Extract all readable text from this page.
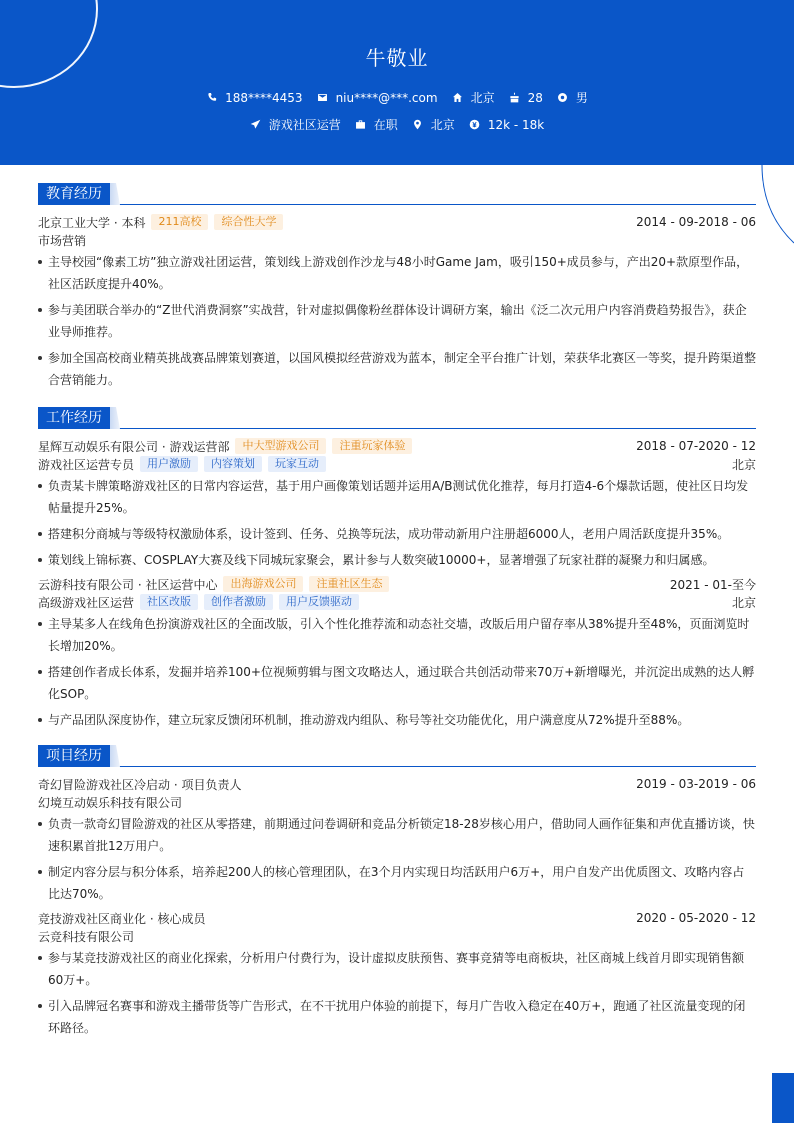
牛敬业
188****4453	niu****@***.com	北京	28	男
游戏社区运营	在职	北京	12k - 18k
教育经历
北京工业大学 · 本科	211高校	综合性大学	2014 - 09-2018 - 06
市场营销
主导校园“像素工坊”独立游戏社团运营，策划线上游戏创作沙龙与48小时Game Jam，吸引150+成员参与，产出20+款原型作品，社区活跃度提升40%。
参与美团联合举办的“Z世代消费洞察”实战营，针对虚拟偶像粉丝群体设计调研方案，输出《泛二次元用户内容消费趋势报告》，获企业导师推荐。
参加全国高校商业精英挑战赛品牌策划赛道，以国风模拟经营游戏为蓝本，制定全平台推广计划，荣获华北赛区一等奖，提升跨渠道整合营销能力。
工作经历
星辉互动娱乐有限公司 · 游戏运营部	中大型游戏公司	注重玩家体验	2018 - 07-2020 - 12
游戏社区运营专员	用户激励	内容策划	玩家互动	北京
负责某卡牌策略游戏社区的日常内容运营，基于用户画像策划话题并运用A/B测试优化推荐，每月打造4-6个爆款话题，使社区日均发帖量提升25%。
搭建积分商城与等级特权激励体系，设计签到、任务、兑换等玩法，成功带动新用户注册超6000人，老用户周活跃度提升35%。
策划线上锦标赛、COSPLAY大赛及线下同城玩家聚会，累计参与人数突破10000+，显著增强了玩家社群的凝聚力和归属感。
云游科技有限公司 · 社区运营中心	出海游戏公司	注重社区生态	2021 - 01-至今
高级游戏社区运营	社区改版	创作者激励	用户反馈驱动	北京
主导某多人在线角色扮演游戏社区的全面改版，引入个性化推荐流和动态社交墙，改版后用户留存率从38%提升至48%，页面浏览时长增加20%。
搭建创作者成长体系，发掘并培养100+位视频剪辑与图文攻略达人，通过联合共创活动带来70万+新增曝光，并沉淀出成熟的达人孵化SOP。
与产品团队深度协作，建立玩家反馈闭环机制，推动游戏内组队、称号等社交功能优化，用户满意度从72%提升至88%。
项目经历
奇幻冒险游戏社区冷启动 · 项目负责人	2019 - 03-2019 - 06
幻境互动娱乐科技有限公司
负责一款奇幻冒险游戏的社区从零搭建，前期通过问卷调研和竞品分析锁定18-28岁核心用户，借助同人画作征集和声优直播访谈，快速积累首批12万用户。
制定内容分层与积分体系，培养起200人的核心管理团队，在3个月内实现日均活跃用户6万+，用户自发产出优质图文、攻略内容占比达70%。
竞技游戏社区商业化 · 核心成员	2020 - 05-2020 - 12
云竞科技有限公司
参与某竞技游戏社区的商业化探索，分析用户付费行为，设计虚拟皮肤预售、赛事竞猜等电商板块，社区商城上线首月即实现销售额60万+。
引入品牌冠名赛事和游戏主播带货等广告形式，在不干扰用户体验的前提下，每月广告收入稳定在40万+，跑通了社区流量变现的闭环路径。
